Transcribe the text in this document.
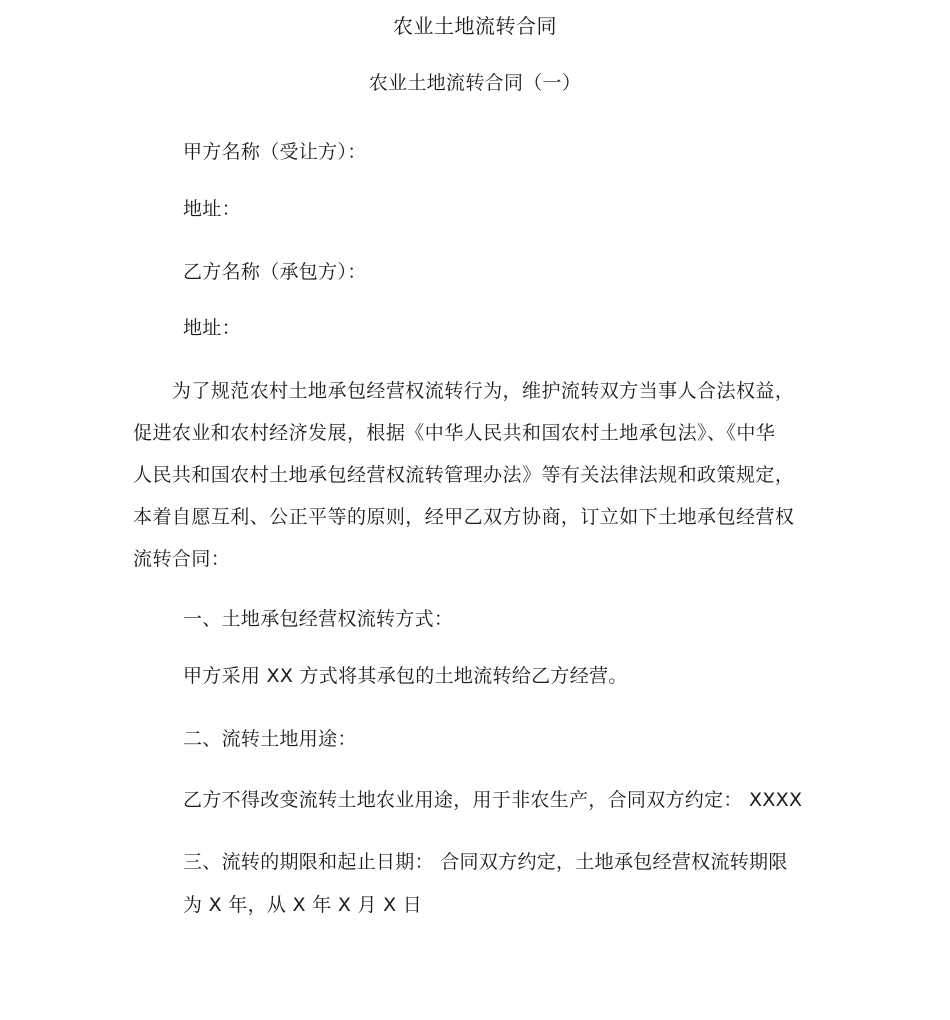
农业土地流转合同
农业土地流转合同（一）
甲方名称（受让方）：
地址：
乙方名称（承包方）：
地址：
　　为了规范农村土地承包经营权流转行为，维护流转双方当事人合法权益，
促进农业和农村经济发展，根据《中华人民共和国农村土地承包法》、《中华
人民共和国农村土地承包经营权流转管理办法》等有关法律法规和政策规定，
本着自愿互利、公正平等的原则，经甲乙双方协商，订立如下土地承包经营权
流转合同：
一、土地承包经营权流转方式：
甲方采用 XX 方式将其承包的土地流转给乙方经营。
二、流转土地用途：
乙方不得改变流转土地农业用途，用于非农生产，合同双方约定： XXXX
三、流转的期限和起止日期： 合同双方约定，土地承包经营权流转期限
为 X 年，从 X 年 X 月 X 日
